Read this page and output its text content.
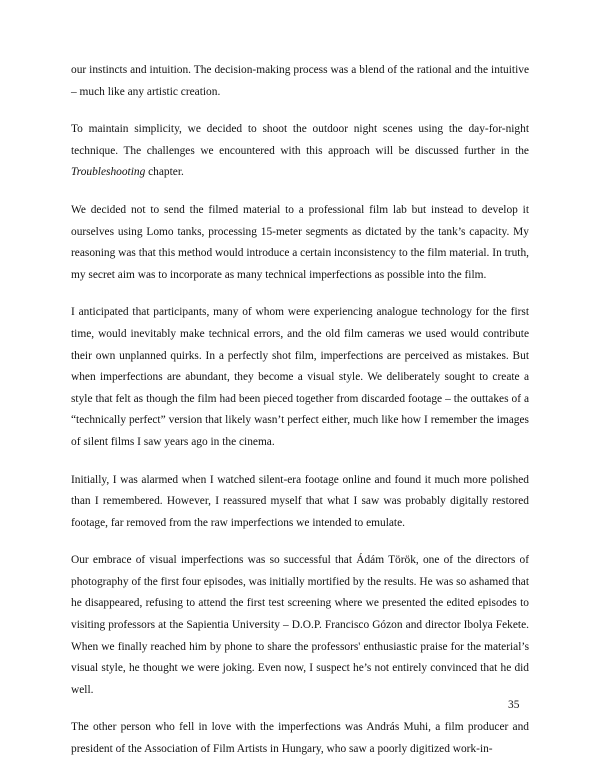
our instincts and intuition. The decision-making process was a blend of the rational and the intuitive – much like any artistic creation.

To maintain simplicity, we decided to shoot the outdoor night scenes using the day-for-night technique. The challenges we encountered with this approach will be discussed further in the Troubleshooting chapter.

We decided not to send the filmed material to a professional film lab but instead to develop it ourselves using Lomo tanks, processing 15-meter segments as dictated by the tank’s capacity. My reasoning was that this method would introduce a certain inconsistency to the film material. In truth, my secret aim was to incorporate as many technical imperfections as possible into the film.

I anticipated that participants, many of whom were experiencing analogue technology for the first time, would inevitably make technical errors, and the old film cameras we used would contribute their own unplanned quirks. In a perfectly shot film, imperfections are perceived as mistakes. But when imperfections are abundant, they become a visual style. We deliberately sought to create a style that felt as though the film had been pieced together from discarded footage – the outtakes of a “technically perfect” version that likely wasn’t perfect either, much like how I remember the images of silent films I saw years ago in the cinema.

Initially, I was alarmed when I watched silent-era footage online and found it much more polished than I remembered. However, I reassured myself that what I saw was probably digitally restored footage, far removed from the raw imperfections we intended to emulate.

Our embrace of visual imperfections was so successful that Ádám Török, one of the directors of photography of the first four episodes, was initially mortified by the results. He was so ashamed that he disappeared, refusing to attend the first test screening where we presented the edited episodes to visiting professors at the Sapientia University – D.O.P. Francisco Gózon and director Ibolya Fekete. When we finally reached him by phone to share the professors' enthusiastic praise for the material’s visual style, he thought we were joking. Even now, I suspect he’s not entirely convinced that he did well.

The other person who fell in love with the imperfections was András Muhi, a film producer and president of the Association of Film Artists in Hungary, who saw a poorly digitized work-in-

35
